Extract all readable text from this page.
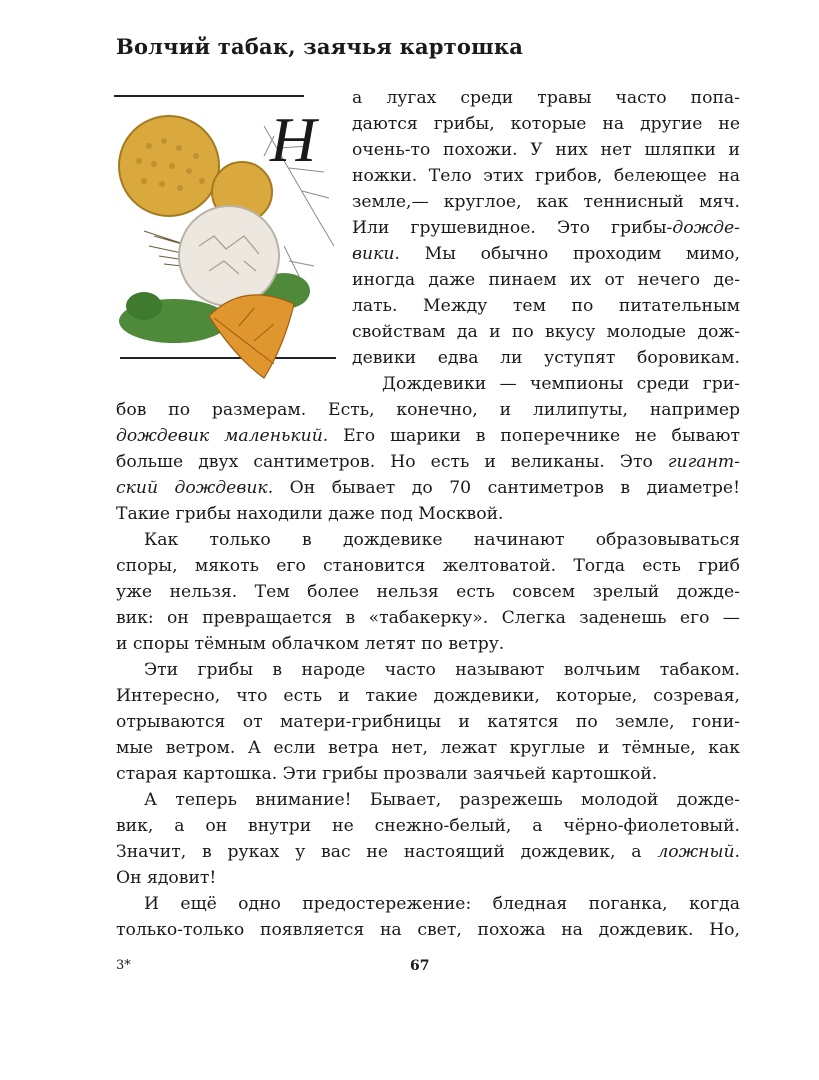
Волчий табак, заячья картошка
Н
а лугах среди травы часто попа-
даются грибы, которые на другие не
очень-то похожи. У них нет шляпки и
ножки. Тело этих грибов, белеющее на
земле,— круглое, как теннисный мяч.
Или грушевидное. Это грибы-дожде-
вики. Мы обычно проходим мимо,
иногда даже пинаем их от нечего де-
лать. Между тем по питательным
свойствам да и по вкусу молодые дож-
девики едва ли уступят боровикам.
Дождевики — чемпионы среди гри-
бов по размерам. Есть, конечно, и лилипуты, например
дождевик маленький. Его шарики в поперечнике не бывают
больше двух сантиметров. Но есть и великаны. Это гигант-
ский дождевик. Он бывает до 70 сантиметров в диаметре!
Такие грибы находили даже под Москвой.
Как только в дождевике начинают образовываться
споры, мякоть его становится желтоватой. Тогда есть гриб
уже нельзя. Тем более нельзя есть совсем зрелый дожде-
вик: он превращается в «табакерку». Слегка заденешь его —
и споры тёмным облачком летят по ветру.
Эти грибы в народе часто называют волчьим табаком.
Интересно, что есть и такие дождевики, которые, созревая,
отрываются от матери-грибницы и катятся по земле, гони-
мые ветром. А если ветра нет, лежат круглые и тёмные, как
старая картошка. Эти грибы прозвали заячьей картошкой.
А теперь внимание! Бывает, разрежешь молодой дожде-
вик, а он внутри не снежно-белый, а чёрно-фиолетовый.
Значит, в руках у вас не настоящий дождевик, а ложный.
Он ядовит!
И ещё одно предостережение: бледная поганка, когда
только-только появляется на свет, похожа на дождевик. Но,
3*	67
